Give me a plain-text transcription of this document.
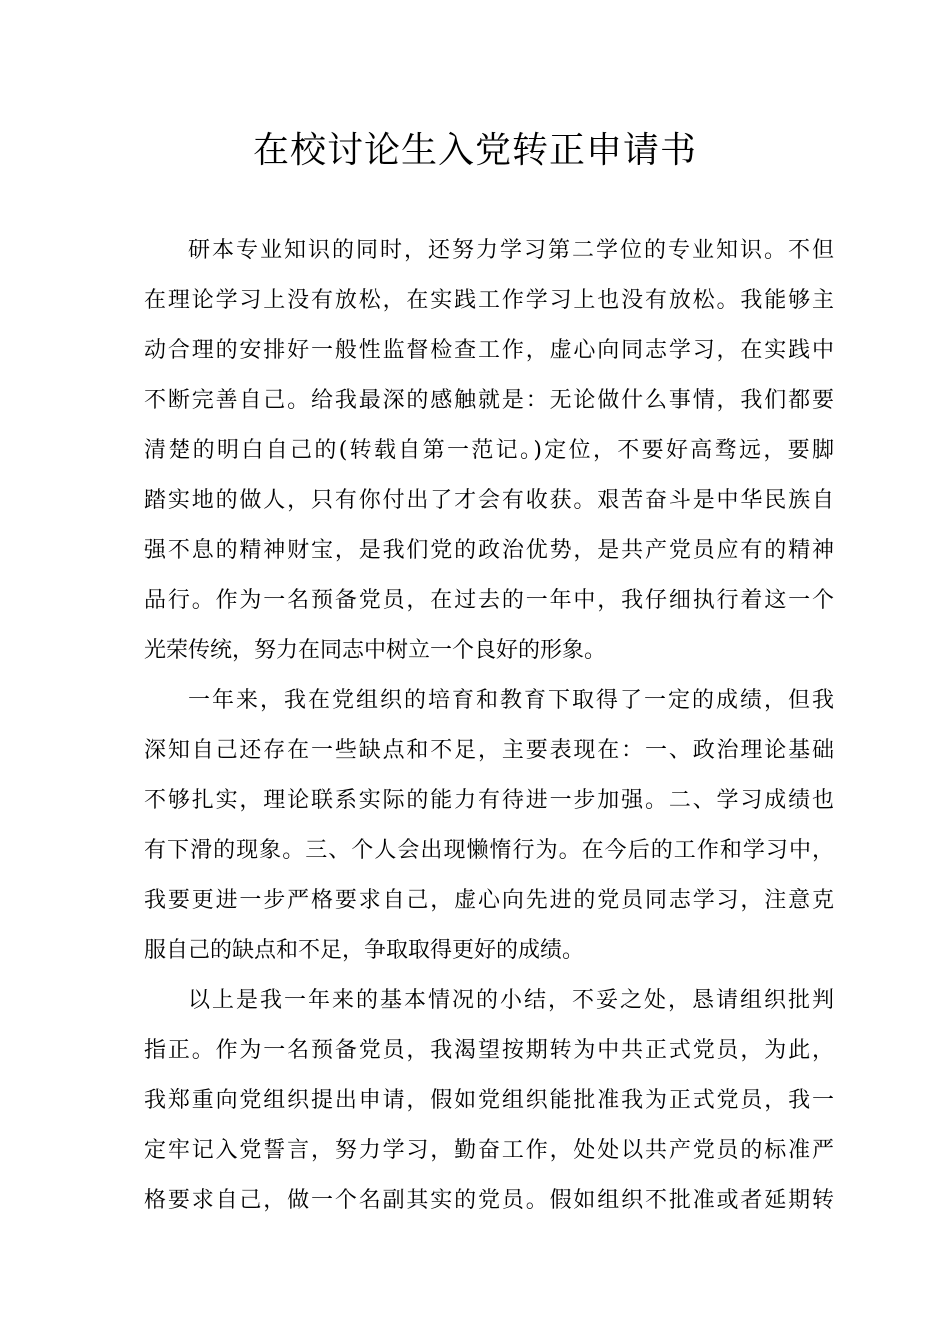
在校讨论生入党转正申请书
研本专业知识的同时，还努力学习第二学位的专业知识。不但
在理论学习上没有放松，在实践工作学习上也没有放松。我能够主
动合理的安排好一般性监督检查工作，虚心向同志学习，在实践中
不断完善自己。给我最深的感触就是：无论做什么事情，我们都要
清楚的明白自己的(转载自第一范记。)定位，不要好高骛远，要脚
踏实地的做人，只有你付出了才会有收获。艰苦奋斗是中华民族自
强不息的精神财宝，是我们党的政治优势，是共产党员应有的精神
品行。作为一名预备党员，在过去的一年中，我仔细执行着这一个
光荣传统，努力在同志中树立一个良好的形象。
一年来，我在党组织的培育和教育下取得了一定的成绩，但我
深知自己还存在一些缺点和不足，主要表现在：一、政治理论基础
不够扎实，理论联系实际的能力有待进一步加强。二、学习成绩也
有下滑的现象。三、个人会出现懒惰行为。在今后的工作和学习中，
我要更进一步严格要求自己，虚心向先进的党员同志学习，注意克
服自己的缺点和不足，争取取得更好的成绩。
以上是我一年来的基本情况的小结，不妥之处，恳请组织批判
指正。作为一名预备党员，我渴望按期转为中共正式党员，为此，
我郑重向党组织提出申请，假如党组织能批准我为正式党员，我一
定牢记入党誓言，努力学习，勤奋工作，处处以共产党员的标准严
格要求自己，做一个名副其实的党员。假如组织不批准或者延期转
